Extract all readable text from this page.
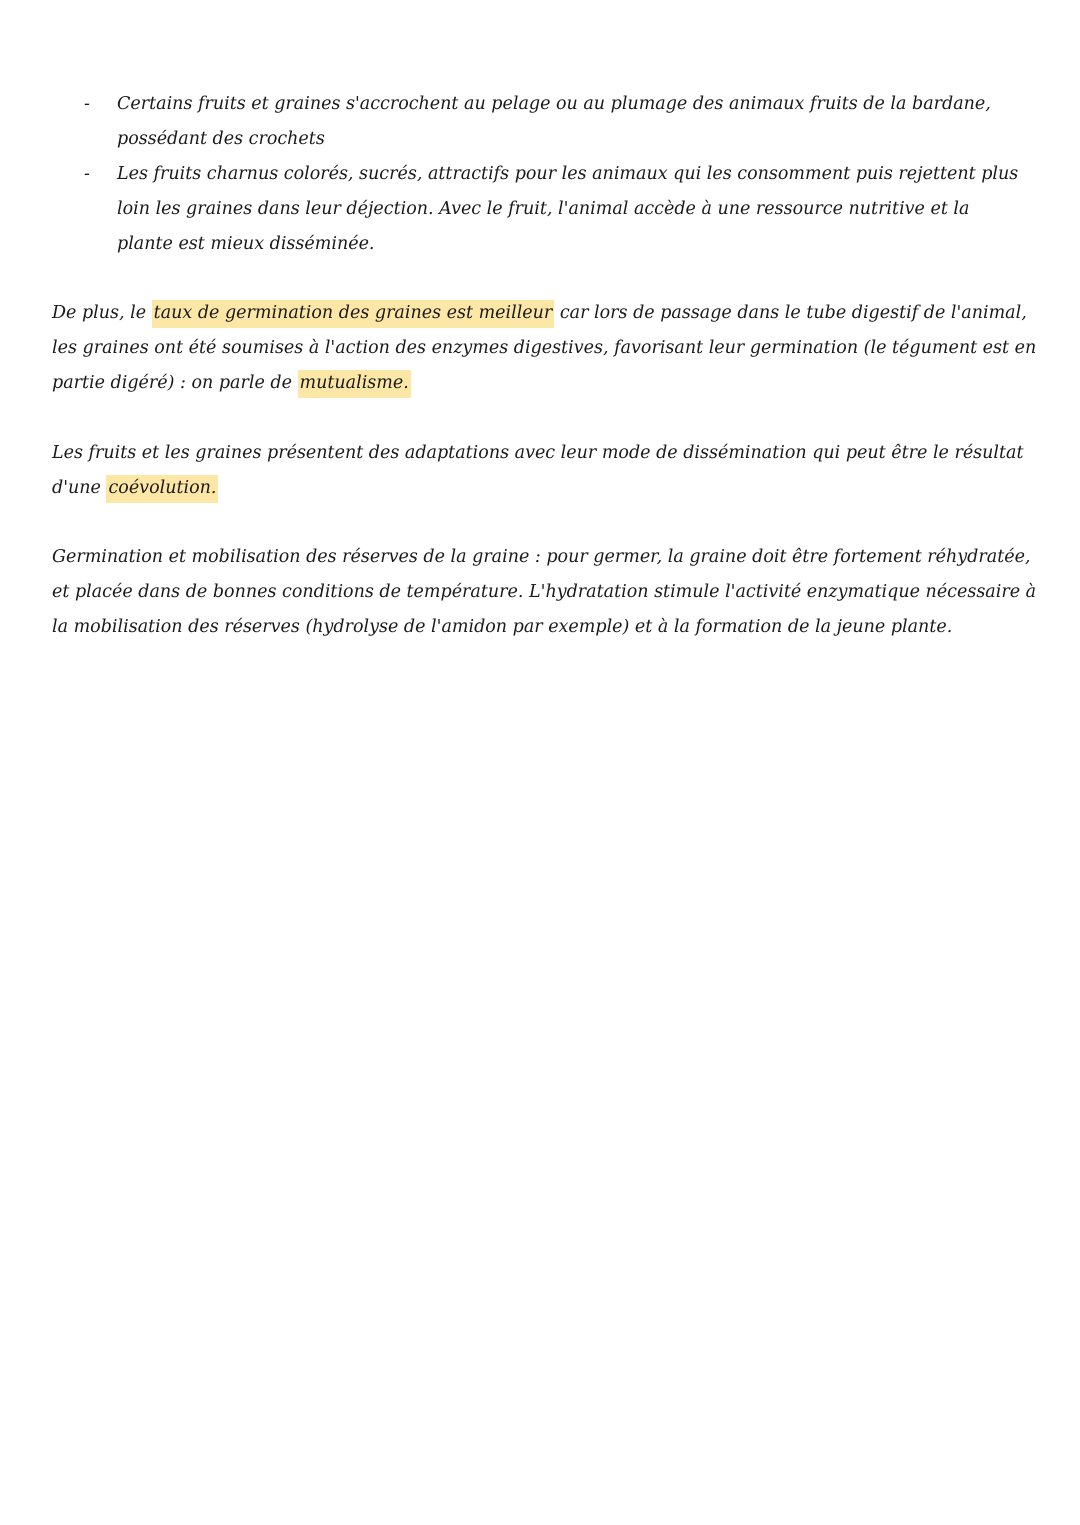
- Certains fruits et graines s'accrochent au pelage ou au plumage des animaux fruits de la bardane, possédant des crochets
- Les fruits charnus colorés, sucrés, attractifs pour les animaux qui les consomment puis rejettent plus loin les graines dans leur déjection. Avec le fruit, l'animal accède à une ressource nutritive et la plante est mieux disséminée.

De plus, le taux de germination des graines est meilleur car lors de passage dans le tube digestif de l'animal, les graines ont été soumises à l'action des enzymes digestives, favorisant leur germination (le tégument est en partie digéré) : on parle de mutualisme.

Les fruits et les graines présentent des adaptations avec leur mode de dissémination qui peut être le résultat d'une coévolution.

Germination et mobilisation des réserves de la graine : pour germer, la graine doit être fortement réhydratée, et placée dans de bonnes conditions de température. L'hydratation stimule l'activité enzymatique nécessaire à la mobilisation des réserves (hydrolyse de l'amidon par exemple) et à la formation de la jeune plante.
